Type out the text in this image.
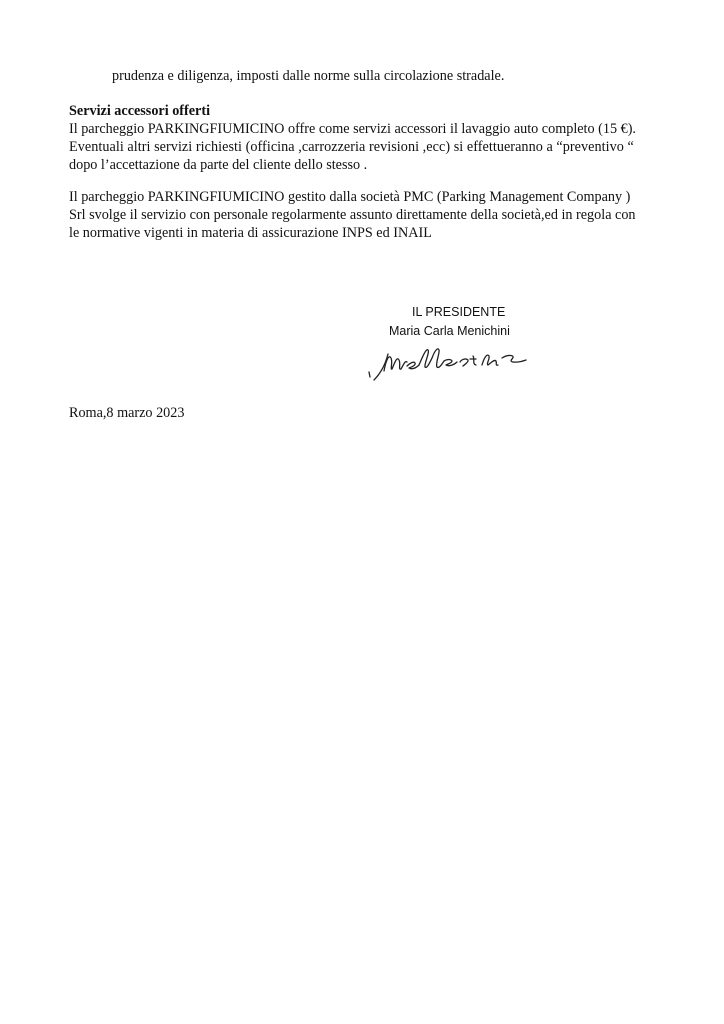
prudenza e diligenza, imposti dalle norme sulla circolazione stradale.

Servizi accessori offerti

Il parcheggio PARKINGFIUMICINO offre come servizi accessori il lavaggio auto completo (15 €).

Eventuali altri servizi richiesti (officina ,carrozzeria revisioni ,ecc) si effettueranno a “preventivo “

dopo l’accettazione da parte del cliente dello stesso .

Il parcheggio PARKINGFIUMICINO gestito dalla società PMC (Parking Management Company )

Srl svolge il servizio con personale regolarmente assunto direttamente della società,ed in regola con

le normative vigenti in materia di assicurazione INPS ed INAIL

IL PRESIDENTE
Maria Carla Menichini

Roma,8 marzo 2023
